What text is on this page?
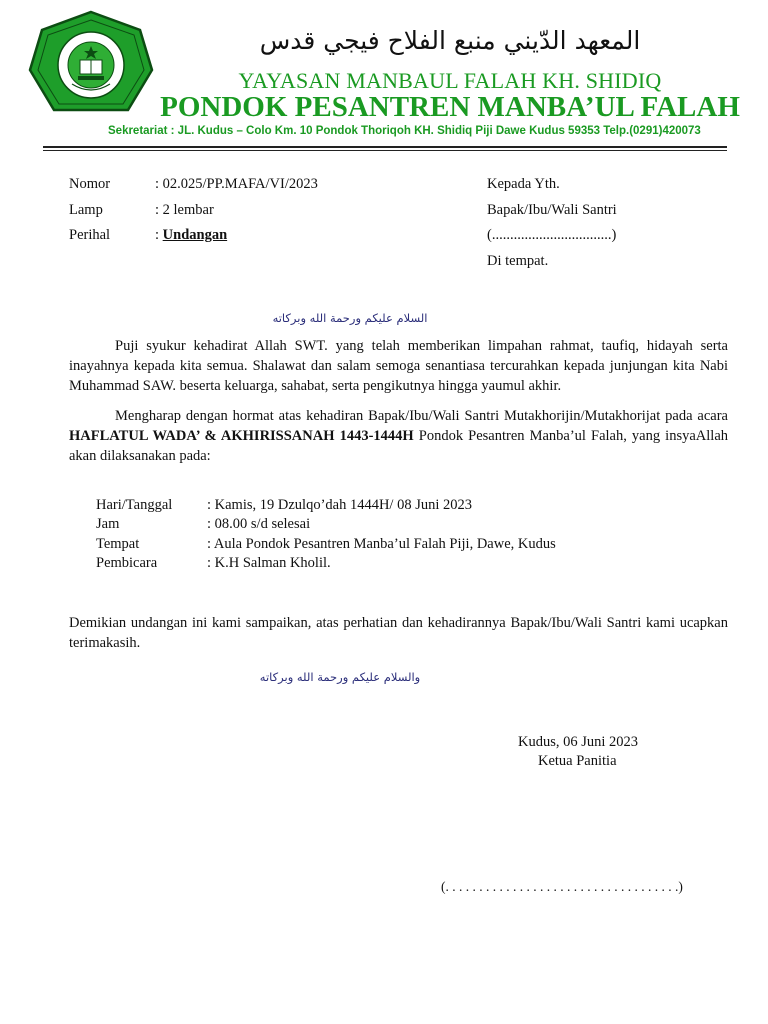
المعهد الدّيني منبع الفلاح فيجي قدس
YAYASAN MANBAUL FALAH KH. SHIDIQ
PONDOK PESANTREN MANBA’UL FALAH
Sekretariat : JL. Kudus – Colo Km. 10 Pondok Thoriqoh KH. Shidiq Piji Dawe Kudus 59353 Telp.(0291)420073
Nomor	: 02.025/PP.MAFA/VI/2023
Lamp	: 2 lembar
Perihal	: Undangan
Kepada Yth.
Bapak/Ibu/Wali Santri
(.................................)
Di tempat.
السلام عليكم ورحمة الله وبركاته

Puji syukur kehadirat Allah SWT. yang telah memberikan limpahan rahmat, taufiq, hidayah serta inayahnya kepada kita semua. Shalawat dan salam semoga senantiasa tercurahkan kepada junjungan kita Nabi Muhammad SAW. beserta keluarga, sahabat, serta pengikutnya hingga yaumul akhir.

Mengharap dengan hormat atas kehadiran Bapak/Ibu/Wali Santri Mutakhorijin/Mutakhorijat pada acara HAFLATUL WADA’ & AKHIRISSANAH 1443-1444H Pondok Pesantren Manba’ul Falah, yang insyaAllah akan dilaksanakan pada:

Hari/Tanggal : Kamis, 19 Dzulqo’dah 1444H/ 08 Juni 2023
Jam	: 08.00 s/d selesai
Tempat	: Aula Pondok Pesantren Manba’ul Falah Piji, Dawe, Kudus
Pembicara	: K.H Salman Kholil.

Demikian undangan ini kami sampaikan, atas perhatian dan kehadirannya Bapak/Ibu/Wali Santri kami ucapkan terimakasih.

والسلام عليكم ورحمة الله وبركاته
Kudus, 06 Juni 2023
Ketua Panitia
(. . . . . . . . . . . . . . . . . . . . . . . . . . . . . . . . . . .)
